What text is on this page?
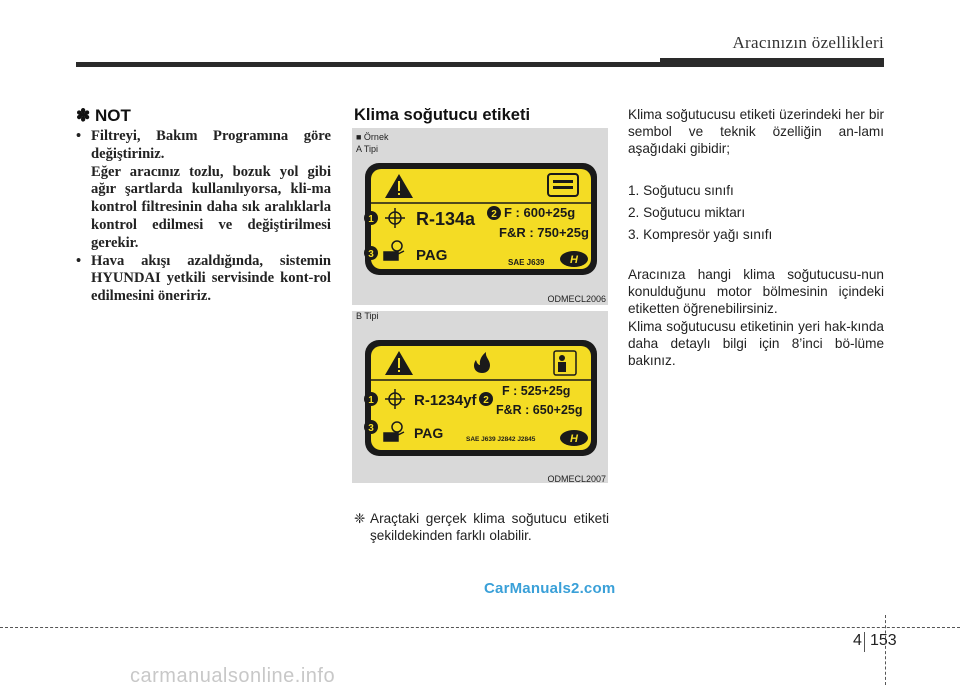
Aracınızın özellikleri
✽ NOT
• Filtreyi, Bakım Programına göre değiştiriniz.
Eğer aracınız tozlu, bozuk yol gibi ağır şartlarda kullanılıyorsa, kli-ma kontrol filtresinin daha sık aralıklarla kontrol edilmesi ve değiştirilmesi gerekir.
• Hava akışı azaldığında, sistemin HYUNDAI yetkili servisinde kont-rol edilmesini öneririz.
Klima soğutucu etiketi
■ Örnek
A Tipi
1 R-134a 2 F : 600+25g
F&R : 750+25g
3	PAG	SAE J639 H
ODMECL2006
B Tipi
1	R-1234yf 2
F : 525+25g
F&R : 650+25g
3	PAG	SAE J639 J2842 J2845	H
ODMECL2007
❈ Araçtaki gerçek klima soğutucu etiketi şekildekinden farklı olabilir.

Klima soğutucusu etiketi üzerindeki her bir sembol ve teknik özelliğin an-lamı aşağıdaki gibidir;

1. Soğutucu sınıfı
2. Soğutucu miktarı
3. Kompresör yağı sınıfı

Aracınıza hangi klima soğutucusu-nun konulduğunu motor bölmesinin içindeki etiketten öğrenebilirsiniz.

Klima soğutucusu etiketinin yeri hak-kında daha detaylı bilgi için 8’inci bö-lüme bakınız.

CarManuals2.com
4 153
carmanualsonline.info
